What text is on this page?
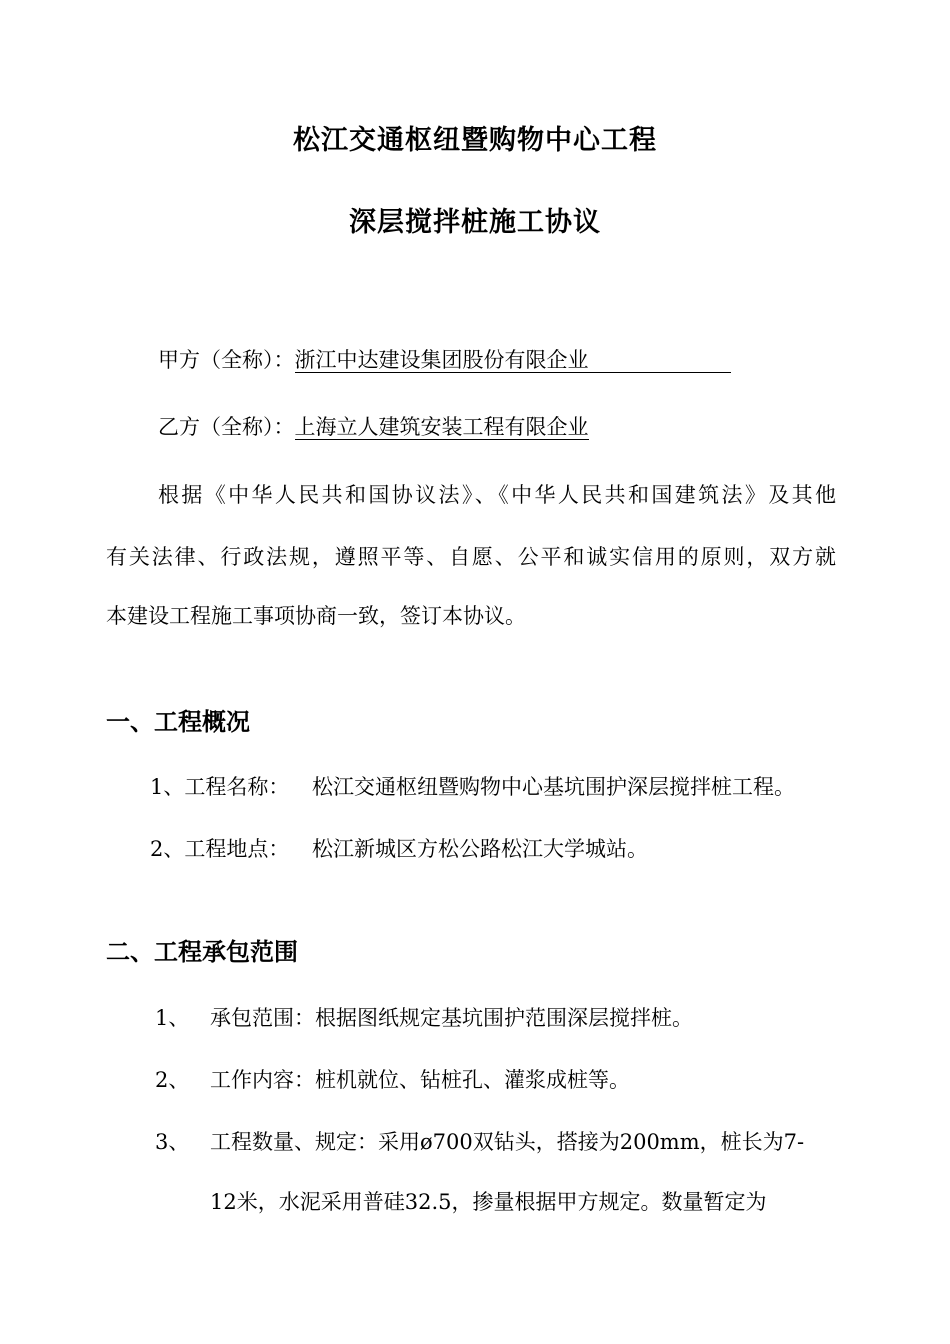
松江交通枢纽暨购物中心工程
深层搅拌桩施工协议
甲方（全称）：浙江中达建设集团股份有限企业
乙方（全称）：上海立人建筑安装工程有限企业
根据《中华人民共和国协议法》、《中华人民共和国建筑法》及其他
有关法律、行政法规，遵照平等、自愿、公平和诚实信用的原则，双方就
本建设工程施工事项协商一致，签订本协议。
一、工程概况
1、工程名称： 松江交通枢纽暨购物中心基坑围护深层搅拌桩工程。
2、工程地点： 松江新城区方松公路松江大学城站。
二、工程承包范围
1、 承包范围：根据图纸规定基坑围护范围深层搅拌桩。
2、 工作内容：桩机就位、钻桩孔、灌浆成桩等。
3、 工程数量、规定：采用ø700双钻头，搭接为200mm，桩长为7-
12米，水泥采用普硅32.5，掺量根据甲方规定。数量暂定为
